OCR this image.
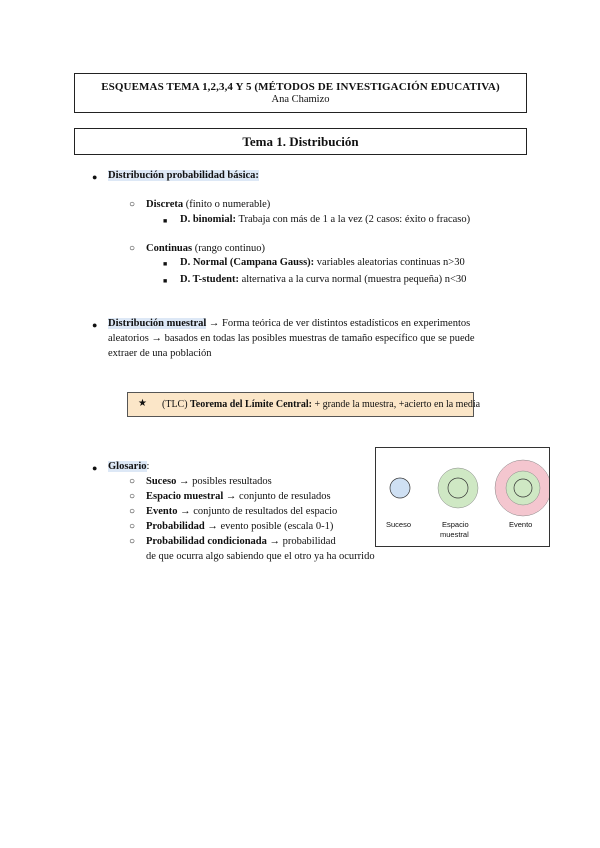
ESQUEMAS TEMA 1,2,3,4 Y 5 (MÉTODOS DE INVESTIGACIÓN EDUCATIVA)
Ana Chamizo
Tema 1. Distribución
● Distribución probabilidad básica:
○ Discreta (finito o numerable)
■ D. binomial: Trabaja con más de 1 a la vez (2 casos: éxito o fracaso)
○ Continuas (rango continuo)
■ D. Normal (Campana Gauss): variables aleatorias continuas n>30
■ D. T-student: alternativa a la curva normal (muestra pequeña) n<30
● Distribución muestral → Forma teórica de ver distintos estadísticos en experimentos
aleatorios → basados en todas las posibles muestras de tamaño específico que se puede
extraer de una población
★ (TLC) Teorema del Límite Central: + grande la muestra, +acierto en la media
● Glosario:
○ Suceso → posibles resultados
○ Espacio muestral → conjunto de resulados
○ Evento → conjunto de resultados del espacio
○ Probabilidad → evento posible (escala 0-1)
○ Probabilidad condicionada → probabilidad
de que ocurra algo sabiendo que el otro ya ha ocurrido
Suceso	Espacio
muestral
Evento
